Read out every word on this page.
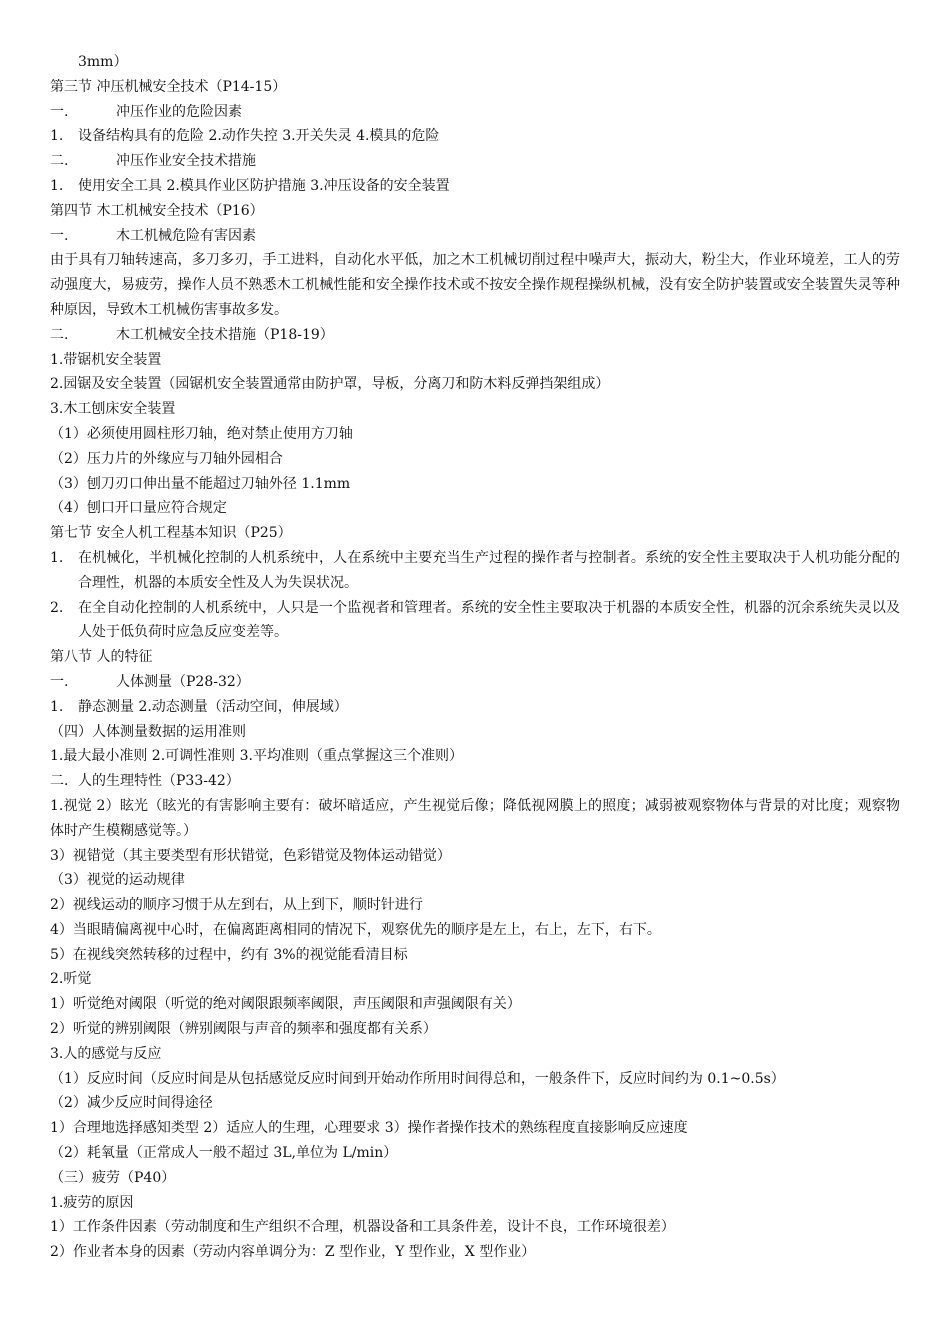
3mm）
第三节 冲压机械安全技术（P14-15）
一.	冲压作业的危险因素
1.	设备结构具有的危险 2.动作失控 3.开关失灵 4.模具的危险
二.	冲压作业安全技术措施
1.	使用安全工具 2.模具作业区防护措施 3.冲压设备的安全装置
第四节 木工机械安全技术（P16）
一.	木工机械危险有害因素
由于具有刀轴转速高，多刀多刃，手工进料，自动化水平低，加之木工机械切削过程中噪声大，振动大，粉尘大，作业环境差，工人的劳动强度大，易疲劳，操作人员不熟悉木工机械性能和安全操作技术或不按安全操作规程操纵机械，没有安全防护装置或安全装置失灵等种种原因，导致木工机械伤害事故多发。
二.	木工机械安全技术措施（P18-19）
1.带锯机安全装置
2.园锯及安全装置（园锯机安全装置通常由防护罩，导板，分离刀和防木料反弹挡架组成）
3.木工刨床安全装置
（1）必须使用圆柱形刀轴，绝对禁止使用方刀轴
（2）压力片的外缘应与刀轴外园相合
（3）刨刀刃口伸出量不能超过刀轴外径 1.1mm
（4）刨口开口量应符合规定
第七节 安全人机工程基本知识（P25）
1.	在机械化，半机械化控制的人机系统中，人在系统中主要充当生产过程的操作者与控制者。系统的安全性主要取决于人机功能分配的合理性，机器的本质安全性及人为失误状况。
2.	在全自动化控制的人机系统中，人只是一个监视者和管理者。系统的安全性主要取决于机器的本质安全性，机器的沉余系统失灵以及人处于低负荷时应急反应变差等。
第八节 人的特征
一.	人体测量（P28-32）
1.	静态测量 2.动态测量（活动空间，伸展域）
（四）人体测量数据的运用准则
1.最大最小准则 2.可调性准则 3.平均准则（重点掌握这三个准则）
二．人的生理特性（P33-42）
1.视觉 2）眩光（眩光的有害影响主要有：破坏暗适应，产生视觉后像；降低视网膜上的照度；减弱被观察物体与背景的对比度；观察物体时产生模糊感觉等。）
3）视错觉（其主要类型有形状错觉，色彩错觉及物体运动错觉）
（3）视觉的运动规律
2）视线运动的顺序习惯于从左到右，从上到下，顺时针进行
4）当眼睛偏离视中心时，在偏离距离相同的情况下，观察优先的顺序是左上，右上，左下，右下。
5）在视线突然转移的过程中，约有 3%的视觉能看清目标
2.听觉
1）听觉绝对阈限（听觉的绝对阈限跟频率阈限，声压阈限和声强阈限有关）
2）听觉的辨别阈限（辨别阈限与声音的频率和强度都有关系）
3.人的感觉与反应
（1）反应时间（反应时间是从包括感觉反应时间到开始动作所用时间得总和，一般条件下，反应时间约为 0.1~0.5s）
（2）减少反应时间得途径
1）合理地选择感知类型 2）适应人的生理，心理要求 3）操作者操作技术的熟练程度直接影响反应速度
（2）耗氧量（正常成人一般不超过 3L,单位为 L/min）
（三）疲劳（P40）
1.疲劳的原因
1）工作条件因素（劳动制度和生产组织不合理，机器设备和工具条件差，设计不良，工作环境很差）
2）作业者本身的因素（劳动内容单调分为：Z 型作业，Y 型作业，X 型作业）
